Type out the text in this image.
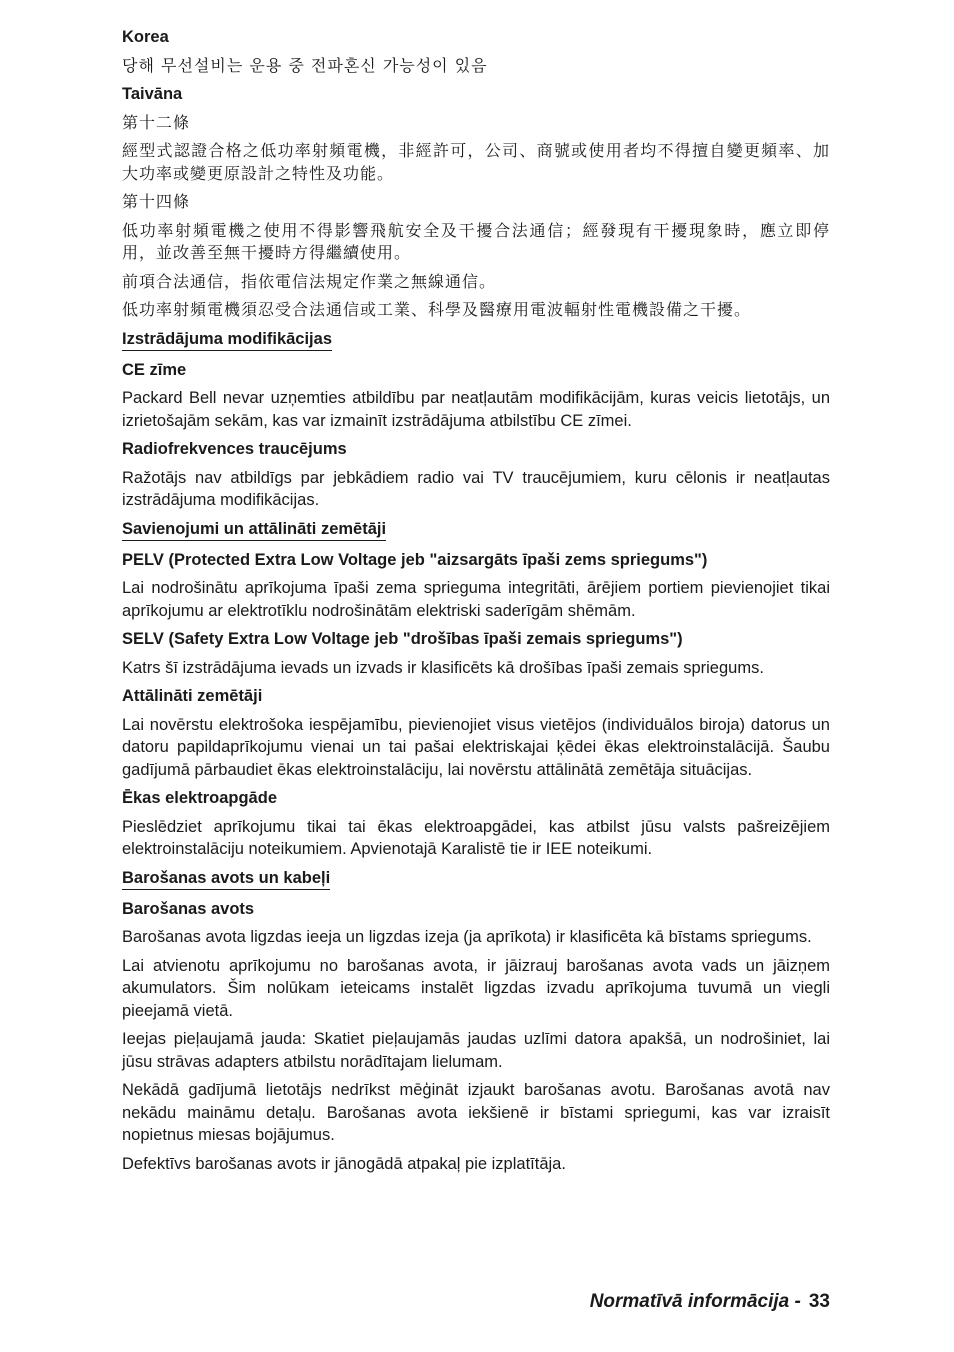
Korea
당해 무선설비는 운용 중 전파혼신 가능성이 있음
Taivāna
第十二條
經型式認證合格之低功率射頻電機，非經許可，公司、商號或使用者均不得擅自變更頻率、加大功率或變更原設計之特性及功能。
第十四條
低功率射頻電機之使用不得影響飛航安全及干擾合法通信；經發現有干擾現象時，應立即停用，並改善至無干擾時方得繼續使用。
前項合法通信，指依電信法規定作業之無線通信。
低功率射頻電機須忍受合法通信或工業、科學及醫療用電波輻射性電機設備之干擾。
Izstrādājuma modifikācijas
CE zīme
Packard Bell nevar uzņemties atbildību par neatļautām modifikācijām, kuras veicis lietotājs, un izrietošajām sekām, kas var izmainīt izstrādājuma atbilstību CE zīmei.
Radiofrekvences traucējums
Ražotājs nav atbildīgs par jebkādiem radio vai TV traucējumiem, kuru cēlonis ir neatļautas izstrādājuma modifikācijas.
Savienojumi un attālināti zemētāji
PELV (Protected Extra Low Voltage jeb "aizsargāts īpaši zems spriegums")
Lai nodrošinātu aprīkojuma īpaši zema sprieguma integritāti, ārējiem portiem pievienojiet tikai aprīkojumu ar elektrotīklu nodrošinātām elektriski saderīgām shēmām.
SELV (Safety Extra Low Voltage jeb "drošības īpaši zemais spriegums")
Katrs šī izstrādājuma ievads un izvads ir klasificēts kā drošības īpaši zemais spriegums.
Attālināti zemētāji
Lai novērstu elektrošoka iespējamību, pievienojiet visus vietējos (individuālos biroja) datorus un datoru papildaprīkojumu vienai un tai pašai elektriskajai ķēdei ēkas elektroinstalācijā. Šaubu gadījumā pārbaudiet ēkas elektroinstalāciju, lai novērstu attālinātā zemētāja situācijas.
Ēkas elektroapgāde
Pieslēdziet aprīkojumu tikai tai ēkas elektroapgādei, kas atbilst jūsu valsts pašreizējiem elektroinstalāciju noteikumiem. Apvienotajā Karalistē tie ir IEE noteikumi.
Barošanas avots un kabeļi
Barošanas avots
Barošanas avota ligzdas ieeja un ligzdas izeja (ja aprīkota) ir klasificēta kā bīstams spriegums.
Lai atvienotu aprīkojumu no barošanas avota, ir jāizrauj barošanas avota vads un jāizņem akumulators. Šim nolūkam ieteicams instalēt ligzdas izvadu aprīkojuma tuvumā un viegli pieejamā vietā.
Ieejas pieļaujamā jauda: Skatiet pieļaujamās jaudas uzlīmi datora apakšā, un nodrošiniet, lai jūsu strāvas adapters atbilstu norādītajam lielumam.
Nekādā gadījumā lietotājs nedrīkst mēģināt izjaukt barošanas avotu. Barošanas avotā nav nekādu maināmu detaļu. Barošanas avota iekšienē ir bīstami spriegumi, kas var izraisīt nopietnus miesas bojājumus.
Defektīvs barošanas avots ir jānogādā atpakaļ pie izplatītāja.
Normatīvā informācija - 33
